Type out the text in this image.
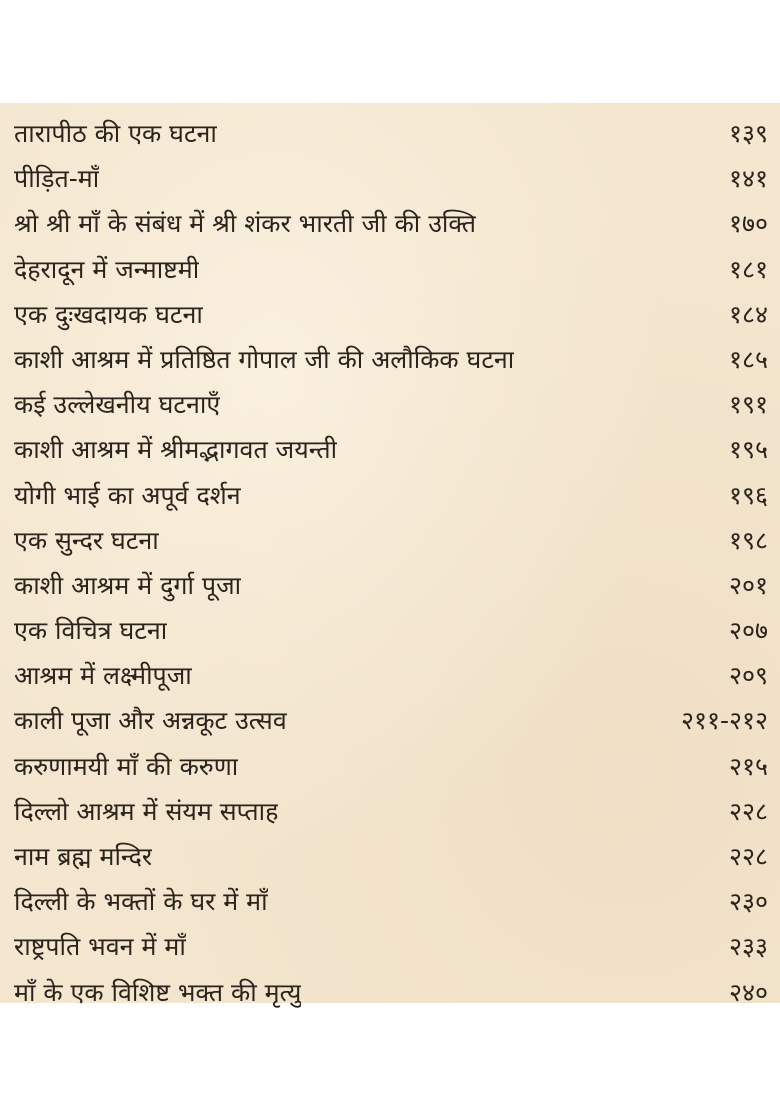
तारापीठ की एक घटना	१३९
पीड़ित-माँ	१४१
श्रो श्री माँ के संबंध में श्री शंकर भारती जी की उक्ति	१७०
देहरादून में जन्माष्टमी	१८१
एक दुःखदायक घटना	१८४
काशी आश्रम में प्रतिष्ठित गोपाल जी की अलौकिक घटना	१८५
कई उल्लेखनीय घटनाएँ	१९१
काशी आश्रम में श्रीमद्भागवत जयन्ती	१९५
योगी भाई का अपूर्व दर्शन	१९६
एक सुन्दर घटना	१९८
काशी आश्रम में दुर्गा पूजा	२०१
एक विचित्र घटना	२०७
आश्रम में लक्ष्मीपूजा	२०९
काली पूजा और अन्नकूट उत्सव	२११-२१२
करुणामयी माँ की करुणा	२१५
दिल्लो आश्रम में संयम सप्ताह	२२८
नाम ब्रह्म मन्दिर	२२८
दिल्ली के भक्तों के घर में माँ	२३०
राष्ट्रपति भवन में माँ	२३३
माँ के एक विशिष्ट भक्त की मृत्यु	२४०
